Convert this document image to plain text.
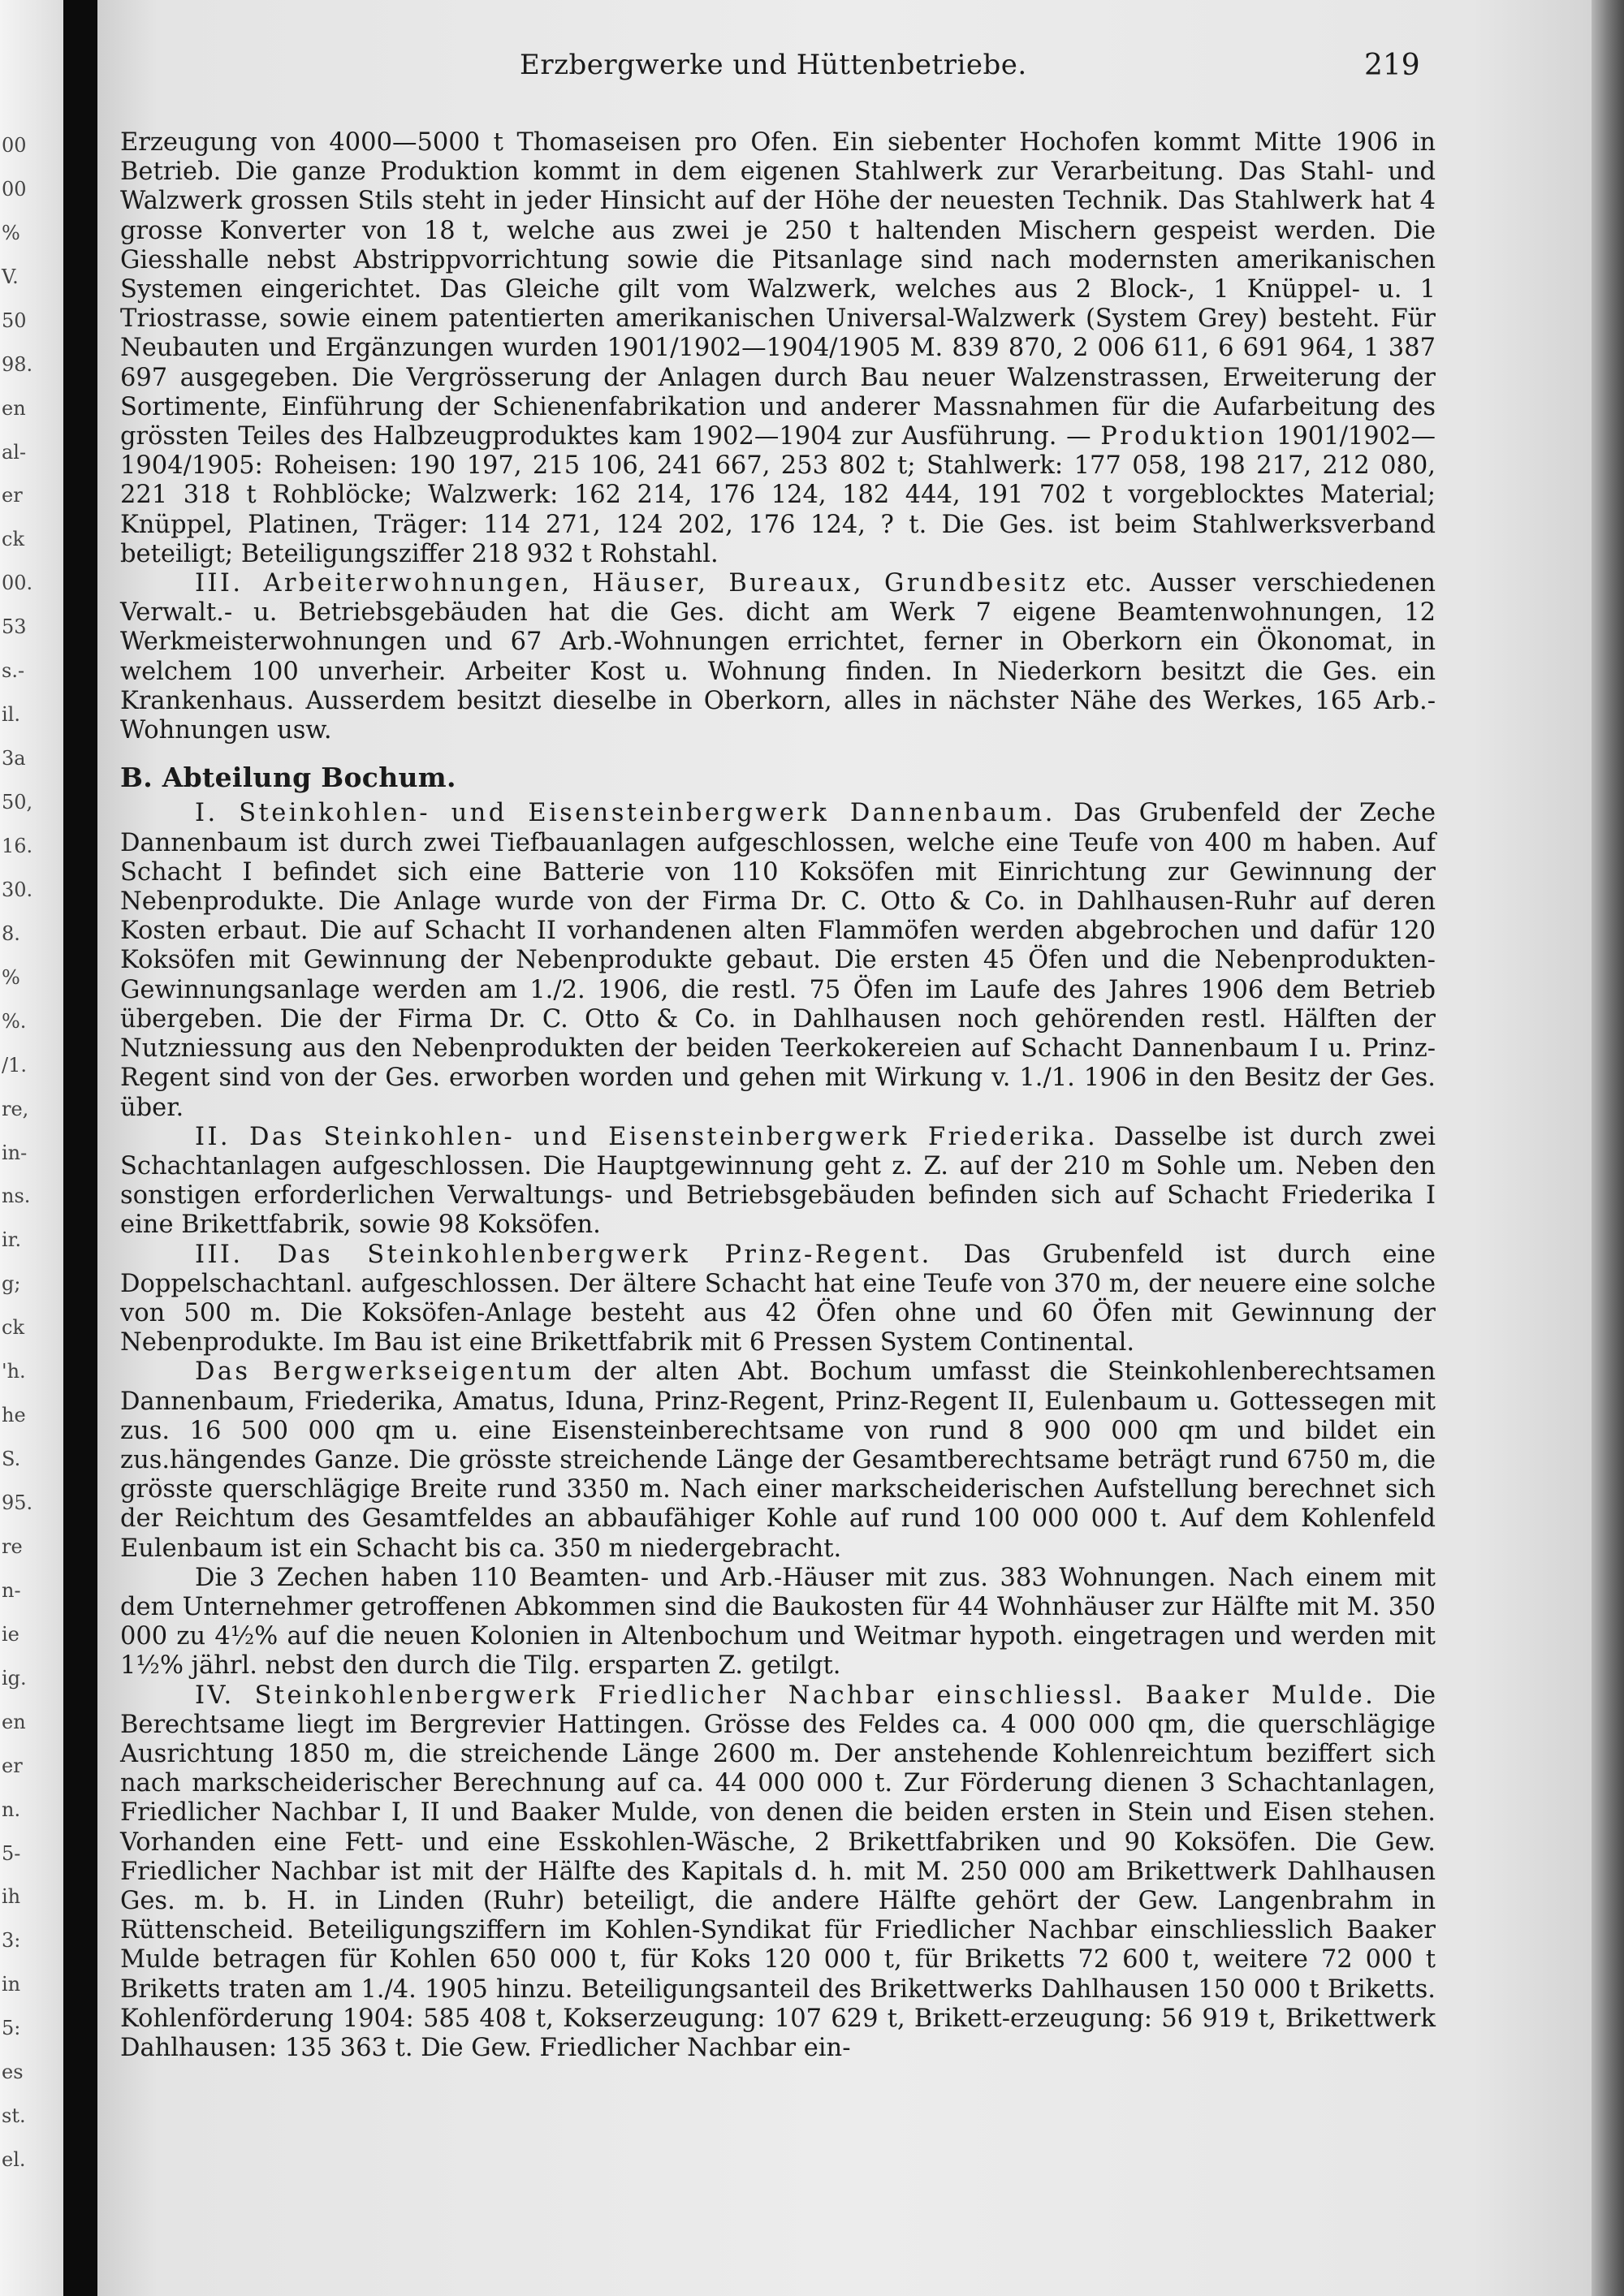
00
00
%
V.
50
98.
en
al-
er
ck
00.
53
s.-
il.
3a
50,
16.
30.
8.
%
%.
/1.
re,
in-
ns.
ir.
g;
ck
'h.
he
S.
95.
re
n-
ie
ig.
en
er
n.
5-
ih
3:
in
5:
es
st.
el.
Erzbergwerke und Hüttenbetriebe.	219

Erzeugung von 4000—5000 t Thomaseisen pro Ofen. Ein siebenter Hochofen kommt Mitte 1906 in Betrieb. Die ganze Produktion kommt in dem eigenen Stahlwerk zur Verarbeitung. Das Stahl- und Walzwerk grossen Stils steht in jeder Hinsicht auf der Höhe der neuesten Technik. Das Stahlwerk hat 4 grosse Konverter von 18 t, welche aus zwei je 250 t haltenden Mischern gespeist werden. Die Giesshalle nebst Abstrippvorrichtung sowie die Pitsanlage sind nach modernsten amerikanischen Systemen eingerichtet. Das Gleiche gilt vom Walzwerk, welches aus 2 Block-, 1 Knüppel- u. 1 Triostrasse, sowie einem patentierten amerikanischen Universal-Walzwerk (System Grey) besteht. Für Neubauten und Ergänzungen wurden 1901/1902—1904/1905 M. 839 870, 2 006 611, 6 691 964, 1 387 697 ausgegeben. Die Vergrösserung der Anlagen durch Bau neuer Walzenstrassen, Erweiterung der Sortimente, Einführung der Schienenfabrikation und anderer Massnahmen für die Aufarbeitung des grössten Teiles des Halbzeugproduktes kam 1902—1904 zur Ausführung. — Produktion 1901/1902—1904/1905: Roheisen: 190 197, 215 106, 241 667, 253 802 t; Stahlwerk: 177 058, 198 217, 212 080, 221 318 t Rohblöcke; Walzwerk: 162 214, 176 124, 182 444, 191 702 t vorgeblocktes Material; Knüppel, Platinen, Träger: 114 271, 124 202, 176 124, ? t. Die Ges. ist beim Stahlwerksverband beteiligt; Beteiligungsziffer 218 932 t Rohstahl.

III. Arbeiterwohnungen, Häuser, Bureaux, Grundbesitz etc. Ausser verschiedenen Verwalt.- u. Betriebsgebäuden hat die Ges. dicht am Werk 7 eigene Beamtenwohnungen, 12 Werkmeisterwohnungen und 67 Arb.-Wohnungen errichtet, ferner in Oberkorn ein Ökonomat, in welchem 100 unverheir. Arbeiter Kost u. Wohnung finden. In Niederkorn besitzt die Ges. ein Krankenhaus. Ausserdem besitzt dieselbe in Oberkorn, alles in nächster Nähe des Werkes, 165 Arb.-Wohnungen usw.

B. Abteilung Bochum.

I. Steinkohlen- und Eisensteinbergwerk Dannenbaum. Das Grubenfeld der Zeche Dannenbaum ist durch zwei Tiefbauanlagen aufgeschlossen, welche eine Teufe von 400 m haben. Auf Schacht I befindet sich eine Batterie von 110 Koksöfen mit Einrichtung zur Gewinnung der Nebenprodukte. Die Anlage wurde von der Firma Dr. C. Otto & Co. in Dahlhausen-Ruhr auf deren Kosten erbaut. Die auf Schacht II vorhandenen alten Flammöfen werden abgebrochen und dafür 120 Koksöfen mit Gewinnung der Nebenprodukte gebaut. Die ersten 45 Öfen und die Nebenprodukten-Gewinnungsanlage werden am 1./2. 1906, die restl. 75 Öfen im Laufe des Jahres 1906 dem Betrieb übergeben. Die der Firma Dr. C. Otto & Co. in Dahlhausen noch gehörenden restl. Hälften der Nutzniessung aus den Nebenprodukten der beiden Teerkokereien auf Schacht Dannenbaum I u. Prinz-Regent sind von der Ges. erworben worden und gehen mit Wirkung v. 1./1. 1906 in den Besitz der Ges. über.

II. Das Steinkohlen- und Eisensteinbergwerk Friederika. Dasselbe ist durch zwei Schachtanlagen aufgeschlossen. Die Hauptgewinnung geht z. Z. auf der 210 m Sohle um. Neben den sonstigen erforderlichen Verwaltungs- und Betriebsgebäuden befinden sich auf Schacht Friederika I eine Brikettfabrik, sowie 98 Koksöfen.

III. Das Steinkohlenbergwerk Prinz-Regent. Das Grubenfeld ist durch eine Doppelschachtanl. aufgeschlossen. Der ältere Schacht hat eine Teufe von 370 m, der neuere eine solche von 500 m. Die Koksöfen-Anlage besteht aus 42 Öfen ohne und 60 Öfen mit Gewinnung der Nebenprodukte. Im Bau ist eine Brikettfabrik mit 6 Pressen System Continental.

Das Bergwerkseigentum der alten Abt. Bochum umfasst die Steinkohlenberechtsamen Dannenbaum, Friederika, Amatus, Iduna, Prinz-Regent, Prinz-Regent II, Eulenbaum u. Gottessegen mit zus. 16 500 000 qm u. eine Eisensteinberechtsame von rund 8 900 000 qm und bildet ein zus.hängendes Ganze. Die grösste streichende Länge der Gesamtberechtsame beträgt rund 6750 m, die grösste querschlägige Breite rund 3350 m. Nach einer markscheiderischen Aufstellung berechnet sich der Reichtum des Gesamtfeldes an abbaufähiger Kohle auf rund 100 000 000 t. Auf dem Kohlenfeld Eulenbaum ist ein Schacht bis ca. 350 m niedergebracht.

Die 3 Zechen haben 110 Beamten- und Arb.-Häuser mit zus. 383 Wohnungen. Nach einem mit dem Unternehmer getroffenen Abkommen sind die Baukosten für 44 Wohnhäuser zur Hälfte mit M. 350 000 zu 4½% auf die neuen Kolonien in Altenbochum und Weitmar hypoth. eingetragen und werden mit 1½% jährl. nebst den durch die Tilg. ersparten Z. getilgt.

IV. Steinkohlenbergwerk Friedlicher Nachbar einschliessl. Baaker Mulde. Die Berechtsame liegt im Bergrevier Hattingen. Grösse des Feldes ca. 4 000 000 qm, die querschlägige Ausrichtung 1850 m, die streichende Länge 2600 m. Der anstehende Kohlenreichtum beziffert sich nach markscheiderischer Berechnung auf ca. 44 000 000 t. Zur Förderung dienen 3 Schachtanlagen, Friedlicher Nachbar I, II und Baaker Mulde, von denen die beiden ersten in Stein und Eisen stehen. Vorhanden eine Fett- und eine Esskohlen-Wäsche, 2 Brikettfabriken und 90 Koksöfen. Die Gew. Friedlicher Nachbar ist mit der Hälfte des Kapitals d. h. mit M. 250 000 am Brikettwerk Dahlhausen Ges. m. b. H. in Linden (Ruhr) beteiligt, die andere Hälfte gehört der Gew. Langenbrahm in Rüttenscheid. Beteiligungsziffern im Kohlen-Syndikat für Friedlicher Nachbar einschliesslich Baaker Mulde betragen für Kohlen 650 000 t, für Koks 120 000 t, für Briketts 72 600 t, weitere 72 000 t Briketts traten am 1./4. 1905 hinzu. Beteiligungsanteil des Brikettwerks Dahlhausen 150 000 t Briketts. Kohlenförderung 1904: 585 408 t, Kokserzeugung: 107 629 t, Brikett-erzeugung: 56 919 t, Brikettwerk Dahlhausen: 135 363 t. Die Gew. Friedlicher Nachbar ein-
